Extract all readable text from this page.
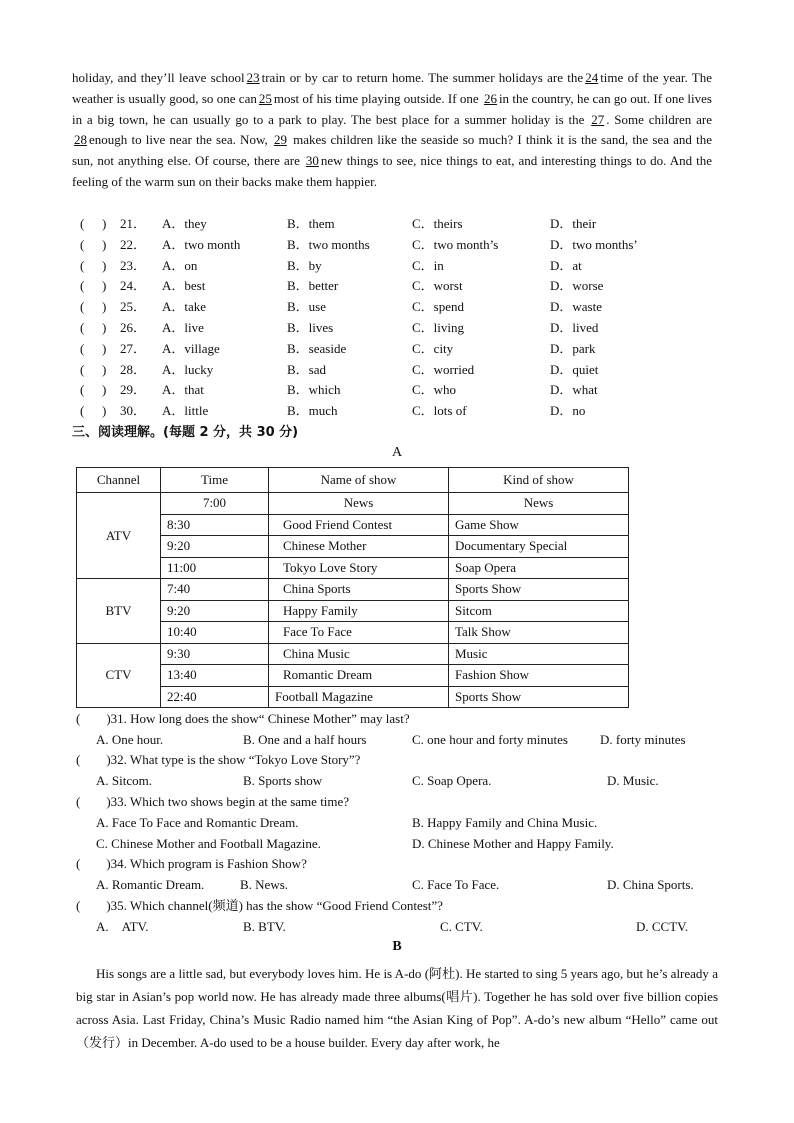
holiday, and they’ll leave school 23 train or by car to return home. The summer holidays are the 24 time of the year. The weather is usually good, so one can 25 most of his time playing outside. If one 26 in the country, he can go out. If one lives in a big town, he can usually go to a park to play. The best place for a summer holiday is the 27 . Some children are 28 enough to live near the sea. Now, 29 makes children like the seaside so much? I think it is the sand, the sea and the sun, not anything else. Of course, there are 30 new things to see, nice things to eat, and interesting things to do. And the feeling of the warm sun on their backs make them happier.
( ) 21． A．they	B．them	C．theirs	D．their
( ) 22． A．two month	B．two months	C．two month’s	D．two months’
( ) 23． A．on	B．by	C．in	D．at
( ) 24． A．best	B．better	C．worst	D．worse
( ) 25． A．take	B．use	C．spend	D．waste
( ) 26． A．live	B．lives	C．living	D．lived
( ) 27． A．village	B．seaside	C．city	D．park
( ) 28． A．lucky	B．sad	C．worried	D．quiet
( ) 29． A．that	B．which	C．who	D．what
( ) 30． A．little	B．much	C．lots of	D．no
三、阅读理解。(每题 2 分，共 30 分)
A
Channel	Time	Name of show	Kind of show
ATV	7:00	News	News
	8:30	Good Friend Contest	Game Show
	9:20	Chinese Mother	Documentary Special
	11:00	Tokyo Love Story	Soap Opera
BTV	7:40	China Sports	Sports Show
	9:20	Happy Family	Sitcom
	10:40	Face To Face	Talk Show
CTV	9:30	China Music	Music
	13:40	Romantic Dream	Fashion Show
	22:40	Football Magazine	Sports Show
(　　)31. How long does the show“ Chinese Mother” may last?
A. One hour.	B. One and a half hours	C. one hour and forty minutes D. forty minutes
(　　)32. What type is the show “Tokyo Love Story”?
A. Sitcom.	B. Sports show	C. Soap Opera.	D. Music.
(　　)33. Which two shows begin at the same time?
A. Face To Face and Romantic Dream.	B. Happy Family and China Music.
C. Chinese Mother and Football Magazine.	D. Chinese Mother and Happy Family.
(　　)34. Which program is Fashion Show?
A. Romantic Dream.	B. News.	C. Face To Face.	D. China Sports.
(　　)35. Which channel(频道) has the show “Good Friend Contest”?
A.　ATV.	B. BTV.	C. CTV.	D. CCTV.
B
His songs are a little sad, but everybody loves him. He is A-do (阿杜). He started to sing 5 years ago, but he’s already a big star in Asian’s pop world now. He has already made three albums(唱片). Together he has sold over five billion copies across Asia. Last Friday, China’s Music Radio named him “the Asian King of Pop”. A-do’s new album “Hello” came out（发行）in December. A-do used to be a house builder. Every day after work, he
